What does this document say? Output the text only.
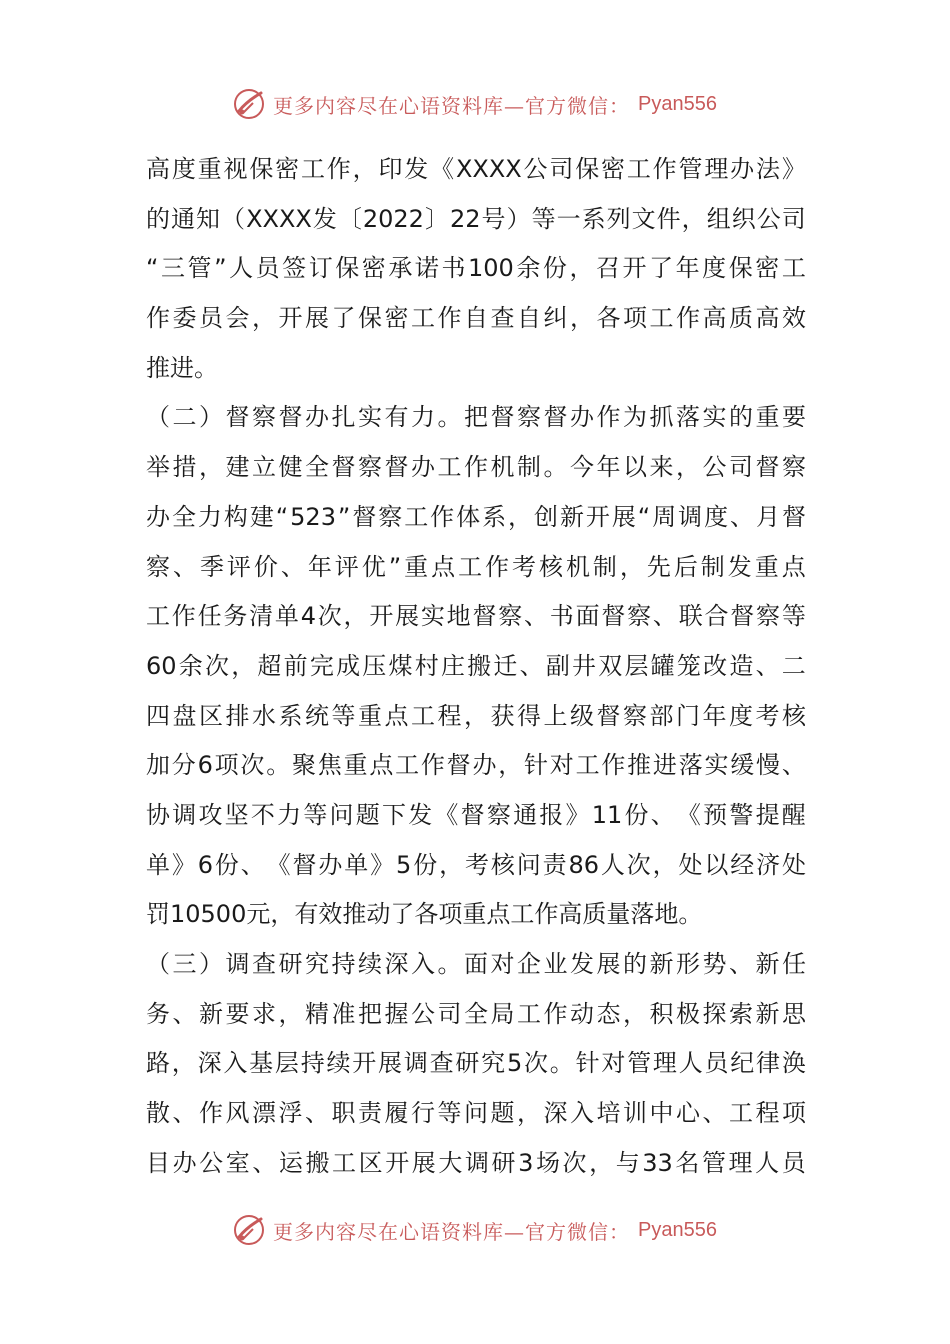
更多内容尽在心语资料库—官方微信： Pyan556
高 度 重 视 保 密 工 作 ， 印 发 《 XXXX 公 司 保 密 工 作 管 理 办 法 》
的 通 知 （ XXXX 发 〔 2022 〕 22 号 ） 等 一 系 列 文 件 ， 组 织 公 司
“ 三 管 ” 人 员 签 订 保 密 承 诺 书 100 余 份 ， 召 开 了 年 度 保 密 工
作 委 员 会 ， 开 展 了 保 密 工 作 自 查 自 纠 ， 各 项 工 作 高 质 高 效
推 进 。
（ 二 ） 督 察 督 办 扎 实 有 力 。 把 督 察 督 办 作 为 抓 落 实 的 重 要
举 措 ， 建 立 健 全 督 察 督 办 工 作 机 制 。 今 年 以 来 ， 公 司 督 察
办 全 力 构 建 “ 523 ” 督 察 工 作 体 系 ， 创 新 开 展 “ 周 调 度 、 月 督
察 、 季 评 价 、 年 评 优 ” 重 点 工 作 考 核 机 制 ， 先 后 制 发 重 点
工 作 任 务 清 单 4 次 ， 开 展 实 地 督 察 、 书 面 督 察 、 联 合 督 察 等
60 余 次 ， 超 前 完 成 压 煤 村 庄 搬 迁 、 副 井 双 层 罐 笼 改 造 、 二
四 盘 区 排 水 系 统 等 重 点 工 程 ， 获 得 上 级 督 察 部 门 年 度 考 核
加 分 6 项 次 。 聚 焦 重 点 工 作 督 办 ， 针 对 工 作 推 进 落 实 缓 慢 、
协 调 攻 坚 不 力 等 问 题 下 发 《 督 察 通 报 》 11 份 、 《 预 警 提 醒
单 》 6 份 、 《 督 办 单 》 5 份 ， 考 核 问 责 86 人 次 ， 处 以 经 济 处
罚 10500 元 ， 有 效 推 动 了 各 项 重 点 工 作 高 质 量 落 地 。
（ 三 ） 调 查 研 究 持 续 深 入 。 面 对 企 业 发 展 的 新 形 势 、 新 任
务 、 新 要 求 ， 精 准 把 握 公 司 全 局 工 作 动 态 ， 积 极 探 索 新 思
路 ， 深 入 基 层 持 续 开 展 调 查 研 究 5 次 。 针 对 管 理 人 员 纪 律 涣
散 、 作 风 漂 浮 、 职 责 履 行 等 问 题 ， 深 入 培 训 中 心 、 工 程 项
目 办 公 室 、 运 搬 工 区 开 展 大 调 研 3 场 次 ， 与 33 名 管 理 人 员
更多内容尽在心语资料库—官方微信： Pyan556
